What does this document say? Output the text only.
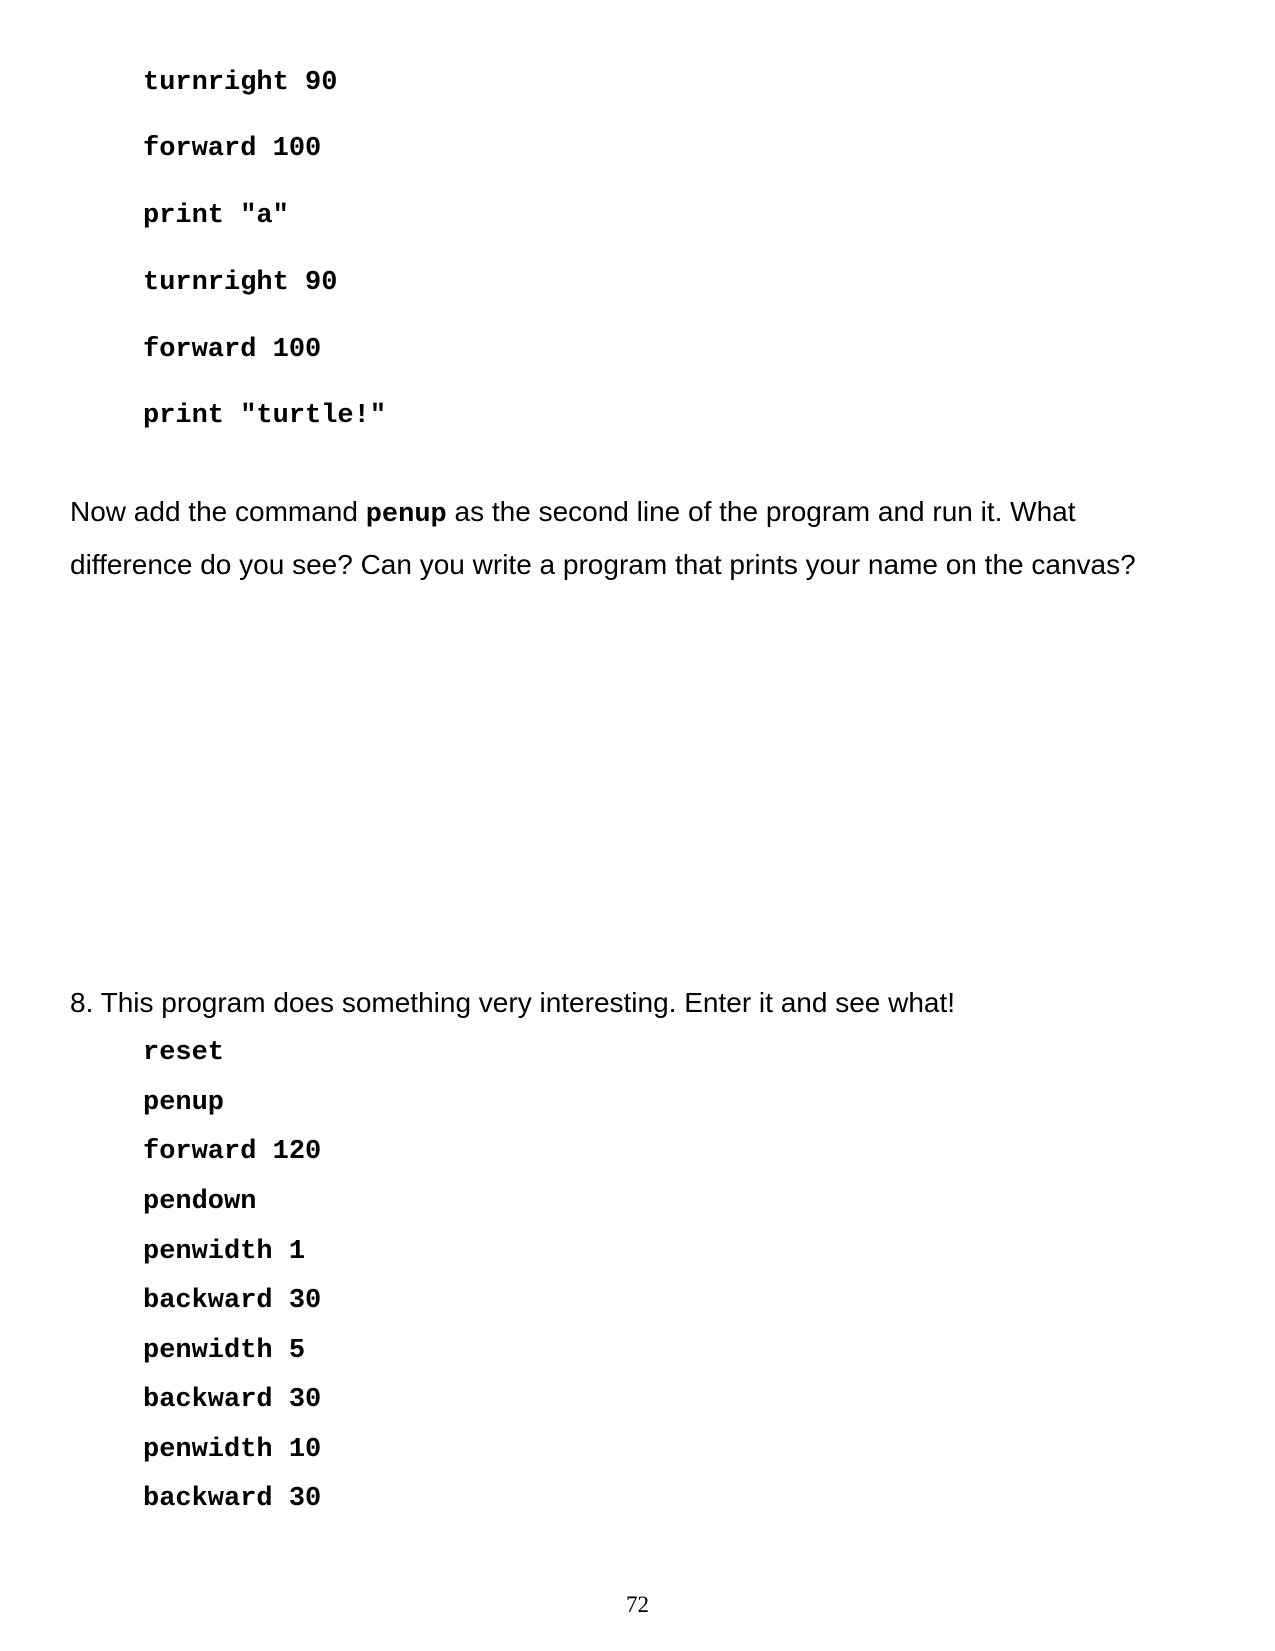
turnright 90

forward 100

print "a"

turnright 90

forward 100

print "turtle!"

Now add the command penup as the second line of the program and run it. What
difference do you see? Can you write a program that prints your name on the canvas?

8. This program does something very interesting. Enter it and see what!

reset

penup

forward 120

pendown

penwidth 1

backward 30

penwidth 5

backward 30

penwidth 10

backward 30

72
